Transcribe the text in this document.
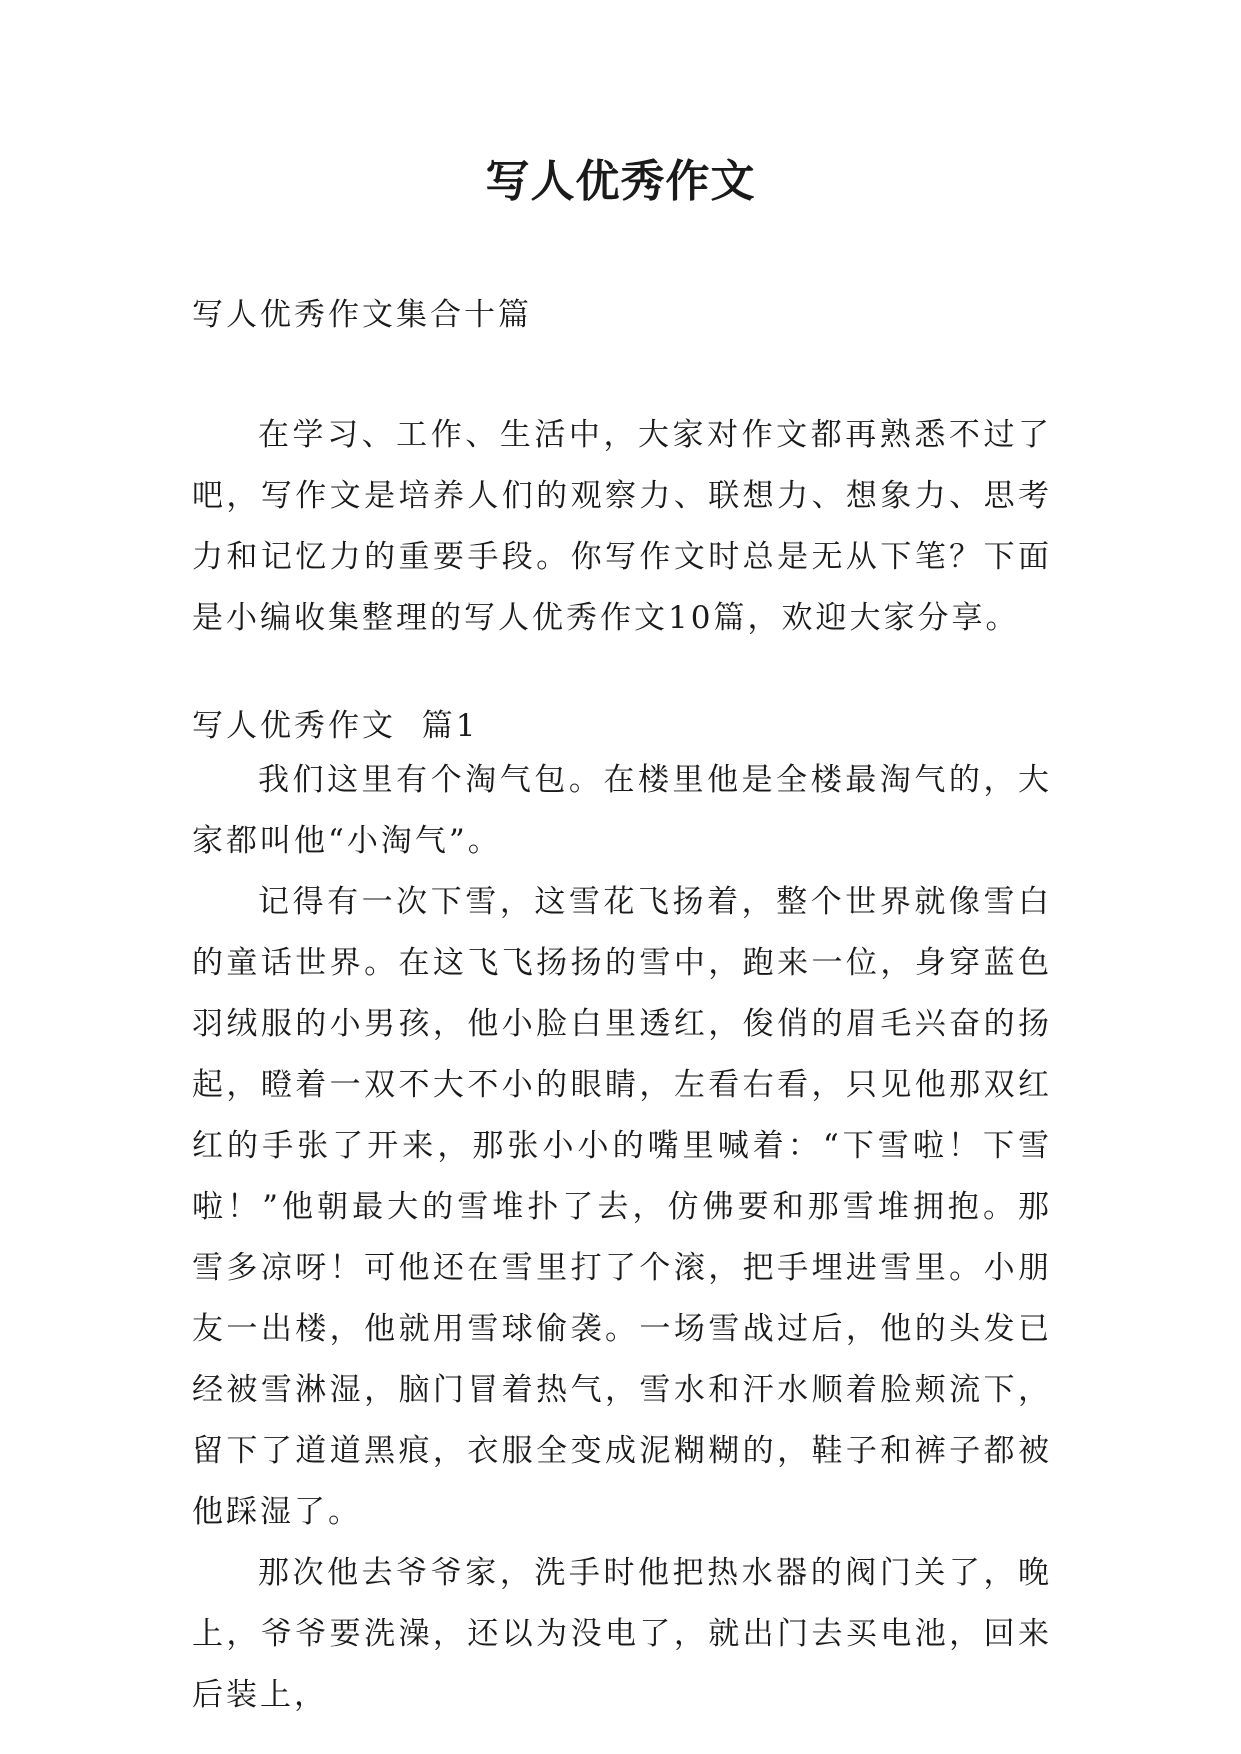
写人优秀作文

写人优秀作文集合十篇

在学习、工作、生活中，大家对作文都再熟悉不过了吧，写作文是培养人们的观察力、联想力、想象力、思考力和记忆力的重要手段。你写作文时总是无从下笔？下面是小编收集整理的写人优秀作文10篇，欢迎大家分享。

写人优秀作文  篇1

我们这里有个淘气包。在楼里他是全楼最淘气的，大家都叫他“小淘气”。

记得有一次下雪，这雪花飞扬着，整个世界就像雪白的童话世界。在这飞飞扬扬的雪中，跑来一位，身穿蓝色羽绒服的小男孩，他小脸白里透红，俊俏的眉毛兴奋的扬起，瞪着一双不大不小的眼睛，左看右看，只见他那双红红的手张了开来，那张小小的嘴里喊着：“下雪啦！下雪啦！”他朝最大的雪堆扑了去，仿佛要和那雪堆拥抱。那雪多凉呀！可他还在雪里打了个滚，把手埋进雪里。小朋友一出楼，他就用雪球偷袭。一场雪战过后，他的头发已经被雪淋湿，脑门冒着热气，雪水和汗水顺着脸颊流下，留下了道道黑痕，衣服全变成泥糊糊的，鞋子和裤子都被他踩湿了。

那次他去爷爷家，洗手时他把热水器的阀门关了，晚上，爷爷要洗澡，还以为没电了，就出门去买电池，回来后装上，
